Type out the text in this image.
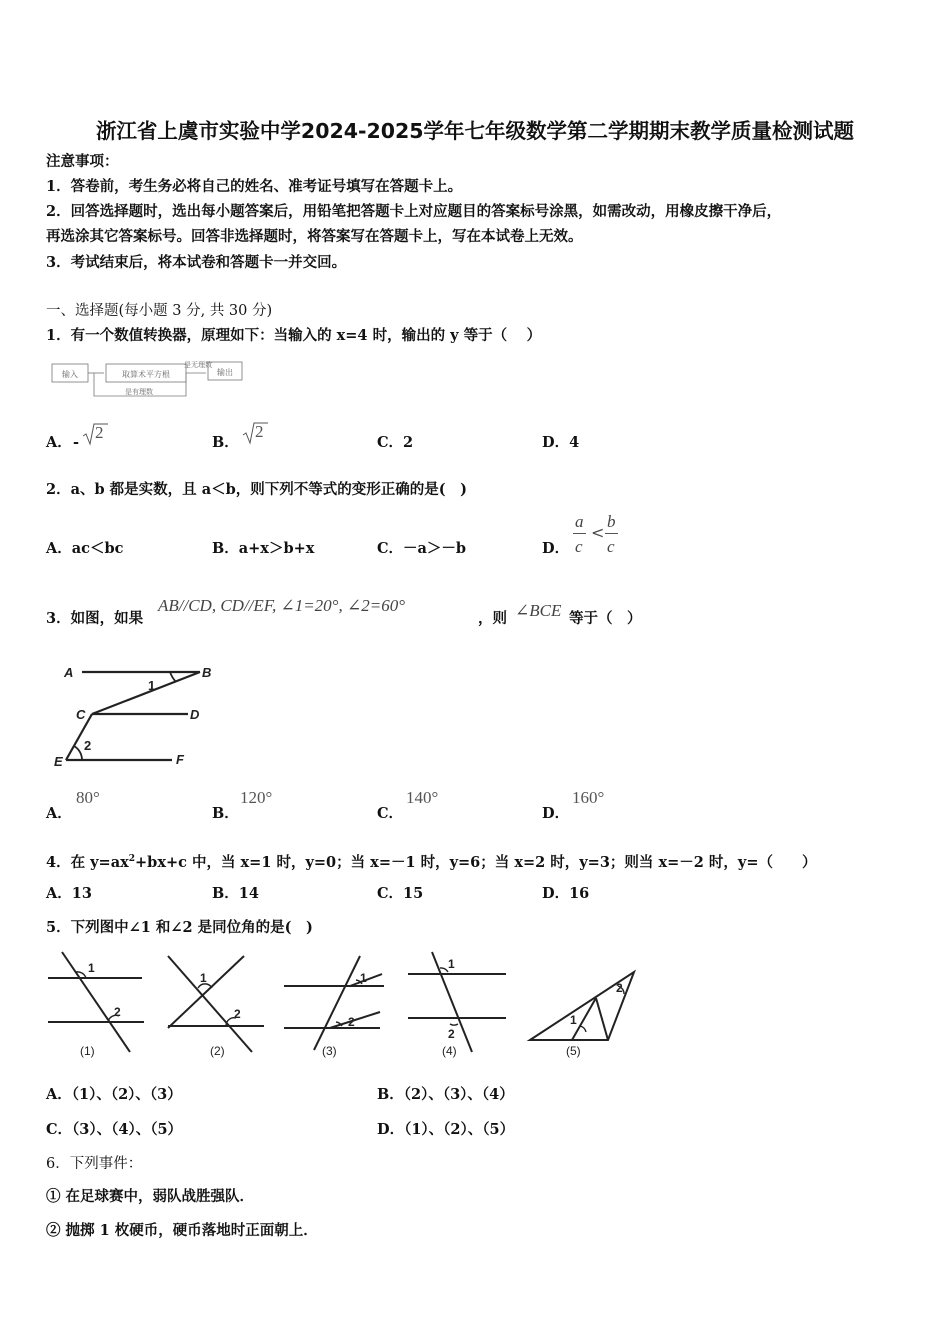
浙江省上虞市实验中学2024-2025学年七年级数学第二学期期末教学质量检测试题
注意事项：
1．答卷前，考生务必将自己的姓名、准考证号填写在答题卡上。
2．回答选择题时，选出每小题答案后，用铅笔把答题卡上对应题目的答案标号涂黑，如需改动，用橡皮擦干净后，
再选涂其它答案标号。回答非选择题时，将答案写在答题卡上，写在本试卷上无效。
3．考试结束后，将本试卷和答题卡一并交回。
一、选择题(每小题 3 分, 共 30 分)
1．有一个数值转换器，原理如下：当输入的 x=4 时，输出的 y 等于（　 ）
输入	取算术平方根
是无理数
输出
是有理数
A． -
2
B．
2
C．2	D．4
2．a、b 都是实数，且 a＜b，则下列不等式的变形正确的是(　)
A．ac＜bc	B．a+x＞b+x	C．－a＞－b	D．
a
c
<
b
c
3．如图，如果
AB//CD, CD//EF, ∠1=20°, ∠2=60°
，则 ∠BCE 等于（　）
A	B
C	D
E	F
1
2
A．
80°
B．
120°
C．
140°
D．
160°
4．在 $y=ax^2+bx+c$ 中，当 x=1 时，y=0；当 x=－1 时，y=6；当 x=2 时，y=3；则当 x=－2 时，y=（　　）
A．13	B．14	C．15	D．16
5．下列图中∠1 和∠2 是同位角的是(　)
1
2
(1)
1
2
(2)
1
2
(3)
1
2
(4)
1
2
(5)
A．（1）、（2）、（3）	B．（2）、（3）、（4）
C．（3）、（4）、（5）	D．（1）、（2）、（5）
6．下列事件：
① 在足球赛中，弱队战胜强队．
② 抛掷 1 枚硬币，硬币落地时正面朝上．
